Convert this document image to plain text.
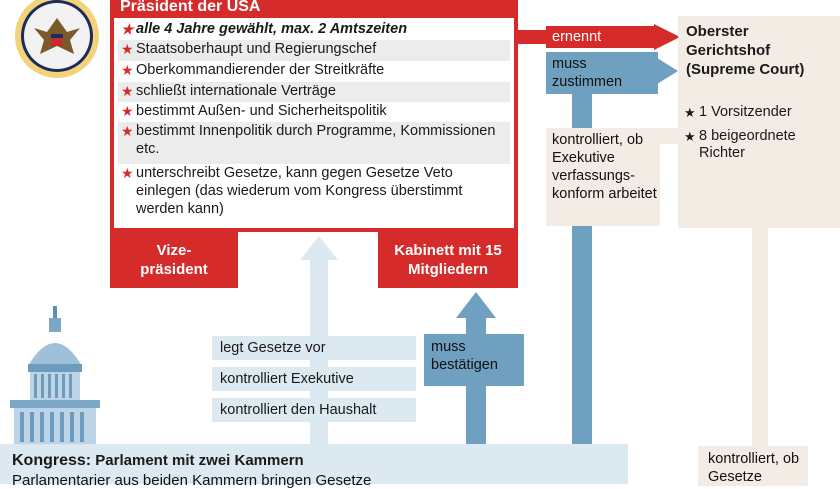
Präsident der USA
★ alle 4 Jahre gewählt, max. 2 Amtszeiten
★ Staatsoberhaupt und Regierungschef
★ Oberkommandierender der Streitkräfte
★ schließt internationale Verträge
★ bestimmt Außen- und Sicherheitspolitik
★ bestimmt Innenpolitik durch Programme, Kommissionen etc.
★ unterschreibt Gesetze, kann gegen Gesetze Veto einlegen (das wiederum vom Kongress überstimmt werden kann)
Vize-präsident
Kabinett mit 15 Mitgliedern
Oberster Gerichtshof (Supreme Court)
★ 1 Vorsitzender
★ 8 beigeordnete Richter
ernennt
muss zustimmen
kontrolliert, ob Exekutive verfassungs-konform arbeitet
muss bestätigen
kontrolliert, ob Gesetze
legt Gesetze vor
kontrolliert Exekutive
kontrolliert den Haushalt
Kongress: Parlament mit zwei Kammern
Parlamentarier aus beiden Kammern bringen Gesetze
